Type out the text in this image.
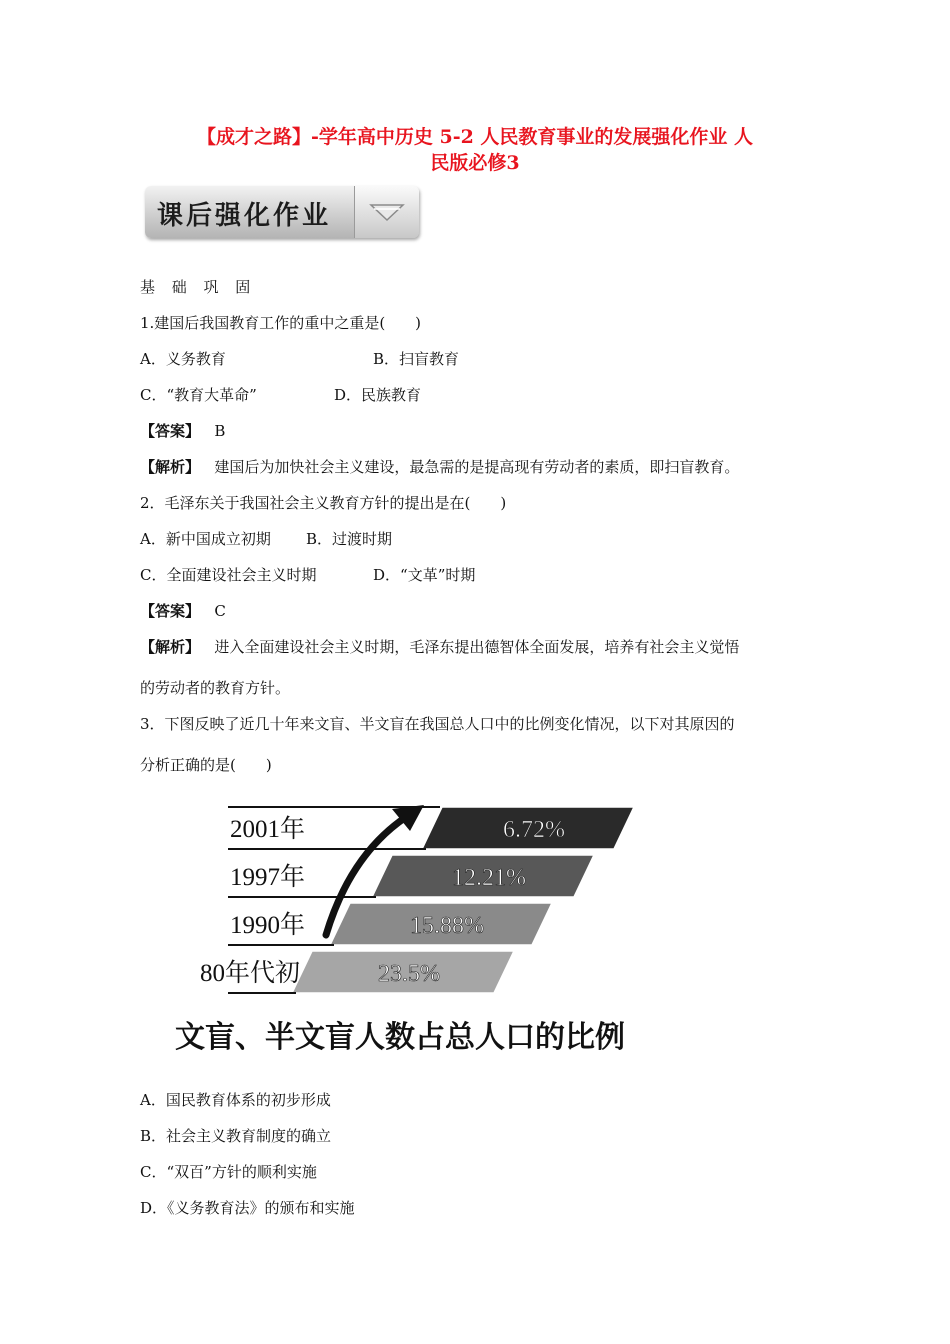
【成才之路】-学年高中历史 5-2 人民教育事业的发展强化作业 人
民版必修3
课后强化作业
基 础 巩 固
1.建国后我国教育工作的重中之重是(　　)
A．义务教育	B．扫盲教育
C．“教育大革命”	D．民族教育
【答案】 B
【解析】 建国后为加快社会主义建设，最急需的是提高现有劳动者的素质，即扫盲教育。
2．毛泽东关于我国社会主义教育方针的提出是在(　　)
A．新中国成立初期 B．过渡时期
C．全面建设社会主义时期	D．“文革”时期
【答案】 C
【解析】 进入全面建设社会主义时期，毛泽东提出德智体全面发展，培养有社会主义觉悟
的劳动者的教育方针。
3．下图反映了近几十年来文盲、半文盲在我国总人口中的比例变化情况，以下对其原因的
分析正确的是(　　)
23.5%
80年代初
15.88%
1990年
12.21%
1997年
6.72%
2001年
文盲、半文盲人数占总人口的比例
A．国民教育体系的初步形成
B．社会主义教育制度的确立
C．“双百”方针的顺利实施
D．《义务教育法》的颁布和实施
